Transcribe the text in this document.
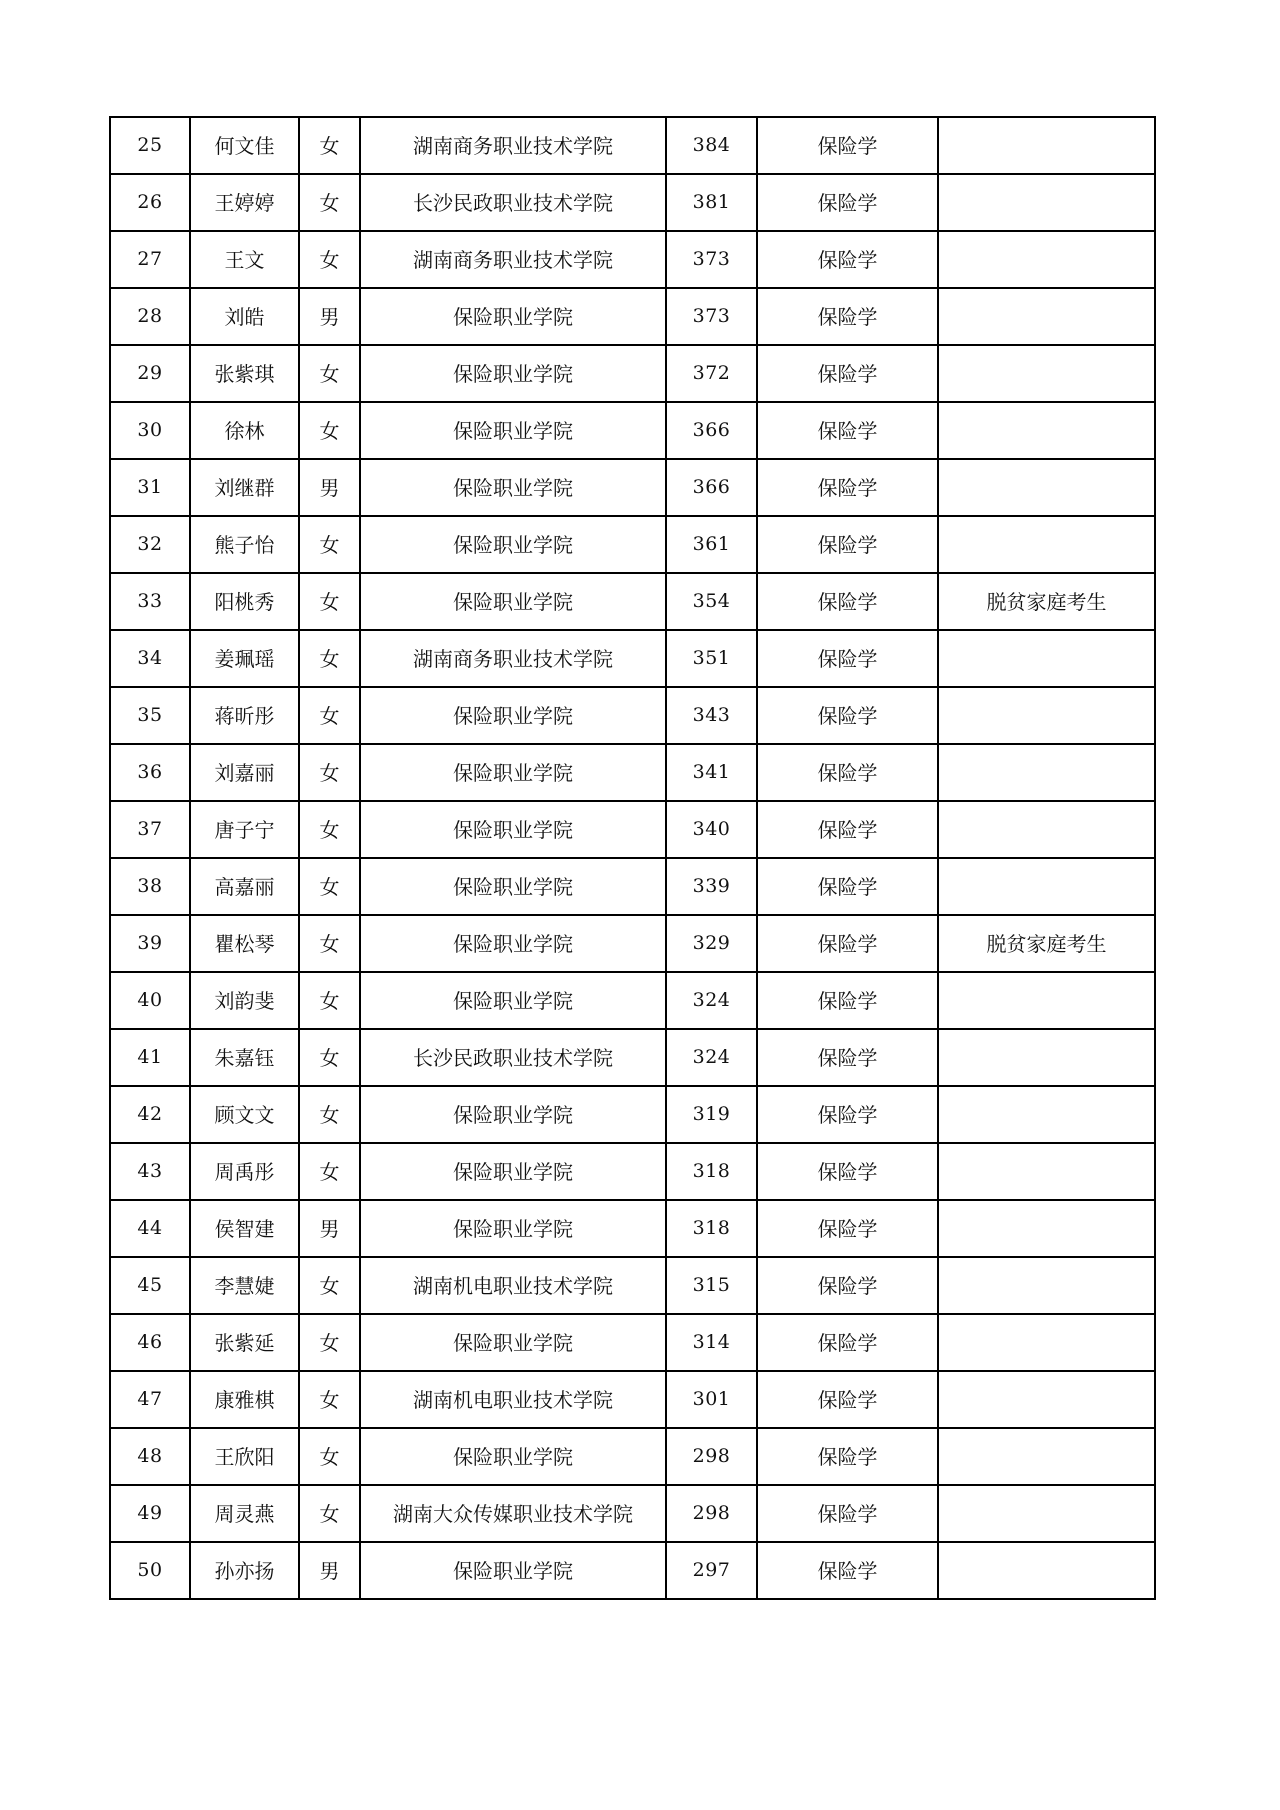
25	何文佳	女	湖南商务职业技术学院	384	保险学	
26	王婷婷	女	长沙民政职业技术学院	381	保险学	
27	王文	女	湖南商务职业技术学院	373	保险学	
28	刘皓	男	保险职业学院	373	保险学	
29	张紫琪	女	保险职业学院	372	保险学	
30	徐林	女	保险职业学院	366	保险学	
31	刘继群	男	保险职业学院	366	保险学	
32	熊子怡	女	保险职业学院	361	保险学	
33	阳桃秀	女	保险职业学院	354	保险学	脱贫家庭考生
34	姜珮瑶	女	湖南商务职业技术学院	351	保险学	
35	蒋昕彤	女	保险职业学院	343	保险学	
36	刘嘉丽	女	保险职业学院	341	保险学	
37	唐子宁	女	保险职业学院	340	保险学	
38	高嘉丽	女	保险职业学院	339	保险学	
39	瞿松琴	女	保险职业学院	329	保险学	脱贫家庭考生
40	刘韵斐	女	保险职业学院	324	保险学	
41	朱嘉钰	女	长沙民政职业技术学院	324	保险学	
42	顾文文	女	保险职业学院	319	保险学	
43	周禹彤	女	保险职业学院	318	保险学	
44	侯智建	男	保险职业学院	318	保险学	
45	李慧婕	女	湖南机电职业技术学院	315	保险学	
46	张紫延	女	保险职业学院	314	保险学	
47	康雅棋	女	湖南机电职业技术学院	301	保险学	
48	王欣阳	女	保险职业学院	298	保险学	
49	周灵燕	女	湖南大众传媒职业技术学院	298	保险学	
50	孙亦扬	男	保险职业学院	297	保险学	
